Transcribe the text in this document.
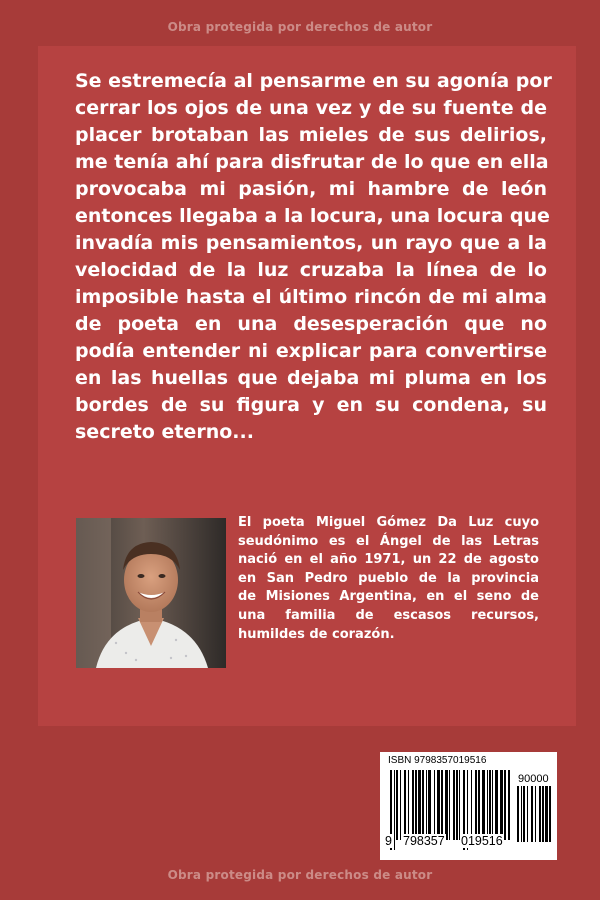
Obra protegida por derechos de autor

Se estremecía al pensarme en su agonía por
cerrar los ojos de una vez y de su fuente de
placer brotaban las mieles de sus delirios,
me tenía ahí para disfrutar de lo que en ella
provocaba mi pasión, mi hambre de león
entonces llegaba a la locura, una locura que
invadía mis pensamientos, un rayo que a la
velocidad de la luz cruzaba la línea de lo
imposible hasta el último rincón de mi alma
de poeta en una desesperación que no
podía entender ni explicar para convertirse
en las huellas que dejaba mi pluma en los
bordes de su figura y en su condena, su
secreto eterno...

El poeta Miguel Gómez Da Luz cuyo
seudónimo es el Ángel de las Letras
nació en el año 1971, un 22 de agosto
en San Pedro pueblo de la provincia
de Misiones Argentina, en el seno de
una familia de escasos recursos,
humildes de corazón.

ISBN 9798357019516
90000
9 798357 019516
Obra protegida por derechos de autor
